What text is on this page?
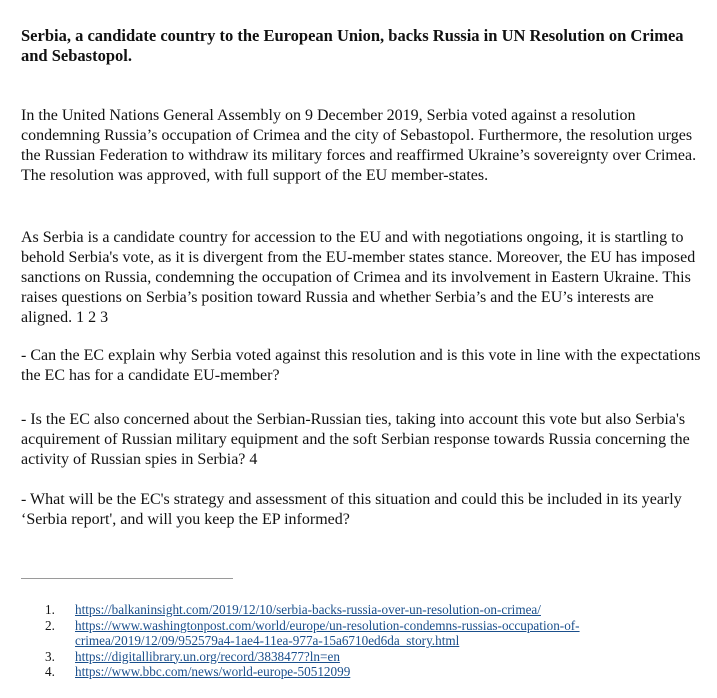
Serbia, a candidate country to the European Union, backs Russia in UN Resolution on Crimea and Sebastopol.

In the United Nations General Assembly on 9 December 2019, Serbia voted against a resolution condemning Russia’s occupation of Crimea and the city of Sebastopol. Furthermore, the resolution urges the Russian Federation to withdraw its military forces and reaffirmed Ukraine’s sovereignty over Crimea. The resolution was approved, with full support of the EU member-states.

As Serbia is a candidate country for accession to the EU and with negotiations ongoing, it is startling to behold Serbia's vote, as it is divergent from the EU-member states stance. Moreover, the EU has imposed sanctions on Russia, condemning the occupation of Crimea and its involvement in Eastern Ukraine. This raises questions on Serbia’s position toward Russia and whether Serbia’s and the EU’s interests are aligned. 1 2 3

- Can the EC explain why Serbia voted against this resolution and is this vote in line with the expectations the EC has for a candidate EU-member?

- Is the EC also concerned about the Serbian-Russian ties, taking into account this vote but also Serbia's acquirement of Russian military equipment and the soft Serbian response towards Russia concerning the activity of Russian spies in Serbia? 4

- What will be the EC's strategy and assessment of this situation and could this be included in its yearly ‘Serbia report', and will you keep the EP informed?

1. https://balkaninsight.com/2019/12/10/serbia-backs-russia-over-un-resolution-on-crimea/
2. https://www.washingtonpost.com/world/europe/un-resolution-condemns-russias-occupation-of-crimea/2019/12/09/952579a4-1ae4-11ea-977a-15a6710ed6da_story.html
3. https://digitallibrary.un.org/record/3838477?ln=en
4. https://www.bbc.com/news/world-europe-50512099
